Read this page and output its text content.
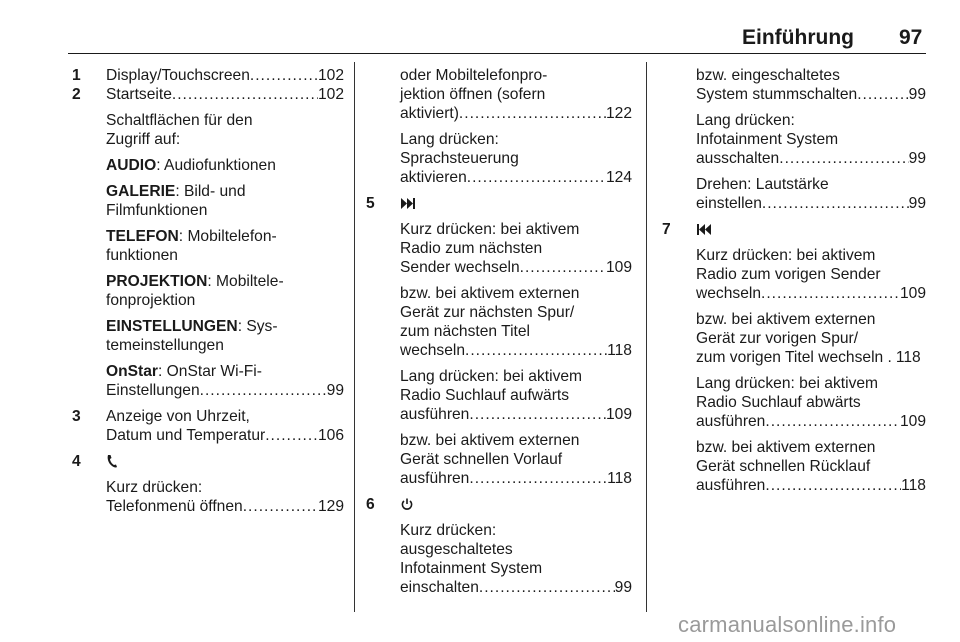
Einführung 97
1 Display/Touchscreen .....	102
2 Startseite .....	102
Schaltflächen für den
Zugriff auf:
AUDIO: Audiofunktionen
GALERIE: Bild- und
Filmfunktionen
TELEFON: Mobiltelefon-
funktionen
PROJEKTION: Mobiltele-
fonprojektion
EINSTELLUNGEN: Sys-
temeinstellungen
OnStar: OnStar Wi-Fi-
Einstellungen .....	99
3 Anzeige von Uhrzeit,
Datum und Temperatur .....	106
4
Kurz drücken:
Telefonmenü öffnen .....	129
oder Mobiltelefonpro-
jektion öffnen (sofern
aktiviert) .....	122
Lang drücken:
Sprachsteuerung
aktivieren .....	124
5
Kurz drücken: bei aktivem
Radio zum nächsten
Sender wechseln .....	109
bzw. bei aktivem externen
Gerät zur nächsten Spur/
zum nächsten Titel
wechseln .....	118
Lang drücken: bei aktivem
Radio Suchlauf aufwärts
ausführen .....	109
bzw. bei aktivem externen
Gerät schnellen Vorlauf
ausführen .....	118
6
Kurz drücken:
ausgeschaltetes
Infotainment System
einschalten .....	99
bzw. eingeschaltetes
System stummschalten .....	99
Lang drücken:
Infotainment System
ausschalten .....	99
Drehen: Lautstärke
einstellen .....	99
7
Kurz drücken: bei aktivem
Radio zum vorigen Sender
wechseln .....	109
bzw. bei aktivem externen
Gerät zur vorigen Spur/
zum vorigen Titel wechseln . 118
Lang drücken: bei aktivem
Radio Suchlauf abwärts
ausführen .....	109
bzw. bei aktivem externen
Gerät schnellen Rücklauf
ausführen .....	118
carmanualsonline.info
